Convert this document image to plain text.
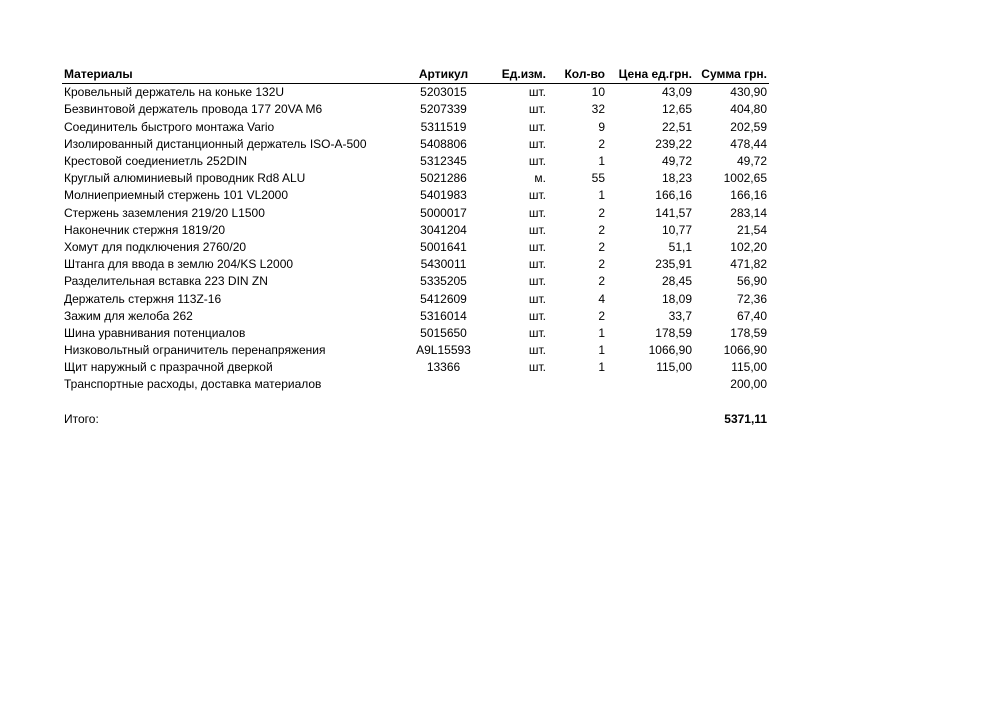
Материалы	Артикул	Ед.изм.	Кол-во	Цена ед.грн.	Сумма грн.
Кровельный держатель на коньке 132U	5203015	шт.	10	43,09	430,90
Безвинтовой держатель провода 177 20VA M6	5207339	шт.	32	12,65	404,80
Соединитель быстрого монтажа Vario	5311519	шт.	9	22,51	202,59
Изолированный дистанционный держатель ISO-A-500	5408806	шт.	2	239,22	478,44
Крестовой соедиениетль 252DIN	5312345	шт.	1	49,72	49,72
Круглый алюминиевый проводник Rd8 ALU	5021286	м.	55	18,23	1002,65
Молниеприемный стержень 101 VL2000	5401983	шт.	1	166,16	166,16
Стержень заземления 219/20 L1500	5000017	шт.	2	141,57	283,14
Наконечник стержня 1819/20	3041204	шт.	2	10,77	21,54
Хомут для подключения 2760/20	5001641	шт.	2	51,1	102,20
Штанга для ввода в землю 204/KS L2000	5430011	шт.	2	235,91	471,82
Разделительная вставка 223 DIN ZN	5335205	шт.	2	28,45	56,90
Держатель стержня 113Z-16	5412609	шт.	4	18,09	72,36
Зажим для желоба 262	5316014	шт.	2	33,7	67,40
Шина уравнивания потенциалов	5015650	шт.	1	178,59	178,59
Низковольтный ограничитель перенапряжения	A9L15593	шт.	1	1066,90	1066,90
Щит наружный с празрачной дверкой	13366	шт.	1	115,00	115,00
Транспортные расходы, доставка материалов					200,00

Итого:					5371,11
